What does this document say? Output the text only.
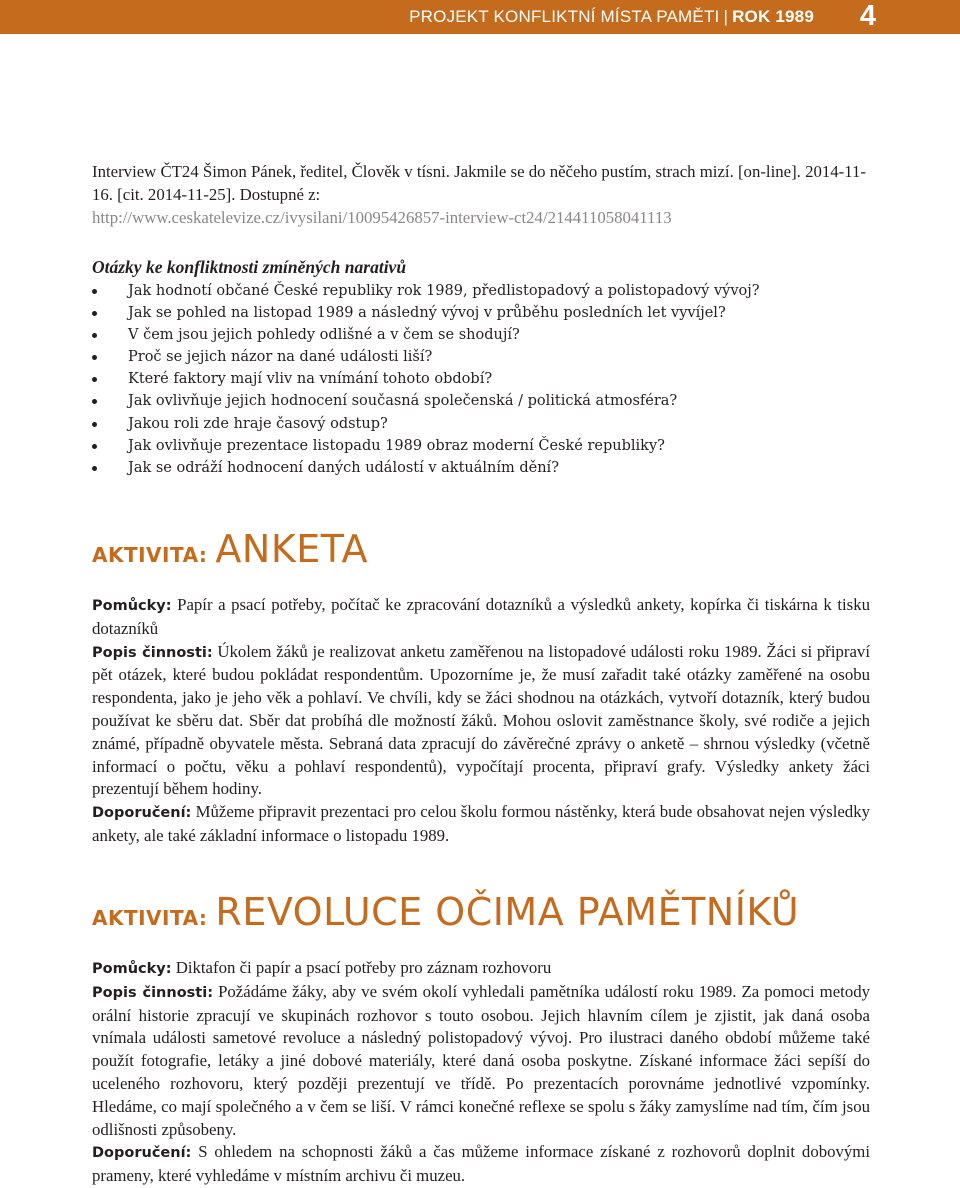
PROJEKT KONFLIKTNÍ MÍSTA PAMĚTI | ROK 1989 4

Interview ČT24 Šimon Pánek, ředitel, Člověk v tísni. Jakmile se do něčeho pustím, strach mizí. [on-line]. 2014-11-16. [cit. 2014-11-25]. Dostupné z:
http://www.ceskatelevize.cz/ivysilani/10095426857-interview-ct24/214411058041113

Otázky ke konfliktnosti zmíněných narativů
Jak hodnotí občané České republiky rok 1989, předlistopadový a polistopadový vývoj?
Jak se pohled na listopad 1989 a následný vývoj v průběhu posledních let vyvíjel?
V čem jsou jejich pohledy odlišné a v čem se shodují?
Proč se jejich názor na dané události liší?
Které faktory mají vliv na vnímání tohoto období?
Jak ovlivňuje jejich hodnocení současná společenská / politická atmosféra?
Jakou roli zde hraje časový odstup?
Jak ovlivňuje prezentace listopadu 1989 obraz moderní České republiky?
Jak se odráží hodnocení daných událostí v aktuálním dění?
AKTIVITA: ANKETA

Pomůcky: Papír a psací potřeby, počítač ke zpracování dotazníků a výsledků ankety, kopírka či tiskárna k tisku dotazníků

Popis činnosti: Úkolem žáků je realizovat anketu zaměřenou na listopadové události roku 1989. Žáci si připraví pět otázek, které budou pokládat respondentům. Upozorníme je, že musí zařadit také otázky zaměřené na osobu respondenta, jako je jeho věk a pohlaví. Ve chvíli, kdy se žáci shodnou na otázkách, vytvoří dotazník, který budou používat ke sběru dat. Sběr dat probíhá dle možností žáků. Mohou oslovit zaměstnance školy, své rodiče a jejich známé, případně obyvatele města. Sebraná data zpracují do závěrečné zprávy o anketě – shrnou výsledky (včetně informací o počtu, věku a pohlaví respondentů), vypočítají procenta, připraví grafy. Výsledky ankety žáci prezentují během hodiny.

Doporučení: Můžeme připravit prezentaci pro celou školu formou nástěnky, která bude obsahovat nejen výsledky ankety, ale také základní informace o listopadu 1989.

AKTIVITA: REVOLUCE OČIMA PAMĚTNÍKŮ

Pomůcky: Diktafon či papír a psací potřeby pro záznam rozhovoru

Popis činnosti: Požádáme žáky, aby ve svém okolí vyhledali pamětníka událostí roku 1989. Za pomoci metody orální historie zpracují ve skupinách rozhovor s touto osobou. Jejich hlavním cílem je zjistit, jak daná osoba vnímala události sametové revoluce a následný polistopadový vývoj. Pro ilustraci daného období můžeme také použít fotografie, letáky a jiné dobové materiály, které daná osoba poskytne. Získané informace žáci sepíší do uceleného rozhovoru, který později prezentují ve třídě. Po prezentacích porovnáme jednotlivé vzpomínky. Hledáme, co mají společného a v čem se liší. V rámci konečné reflexe se spolu s žáky zamyslíme nad tím, čím jsou odlišnosti způsobeny.

Doporučení: S ohledem na schopnosti žáků a čas můžeme informace získané z rozhovorů doplnit dobovými prameny, které vyhledáme v místním archivu či muzeu.
